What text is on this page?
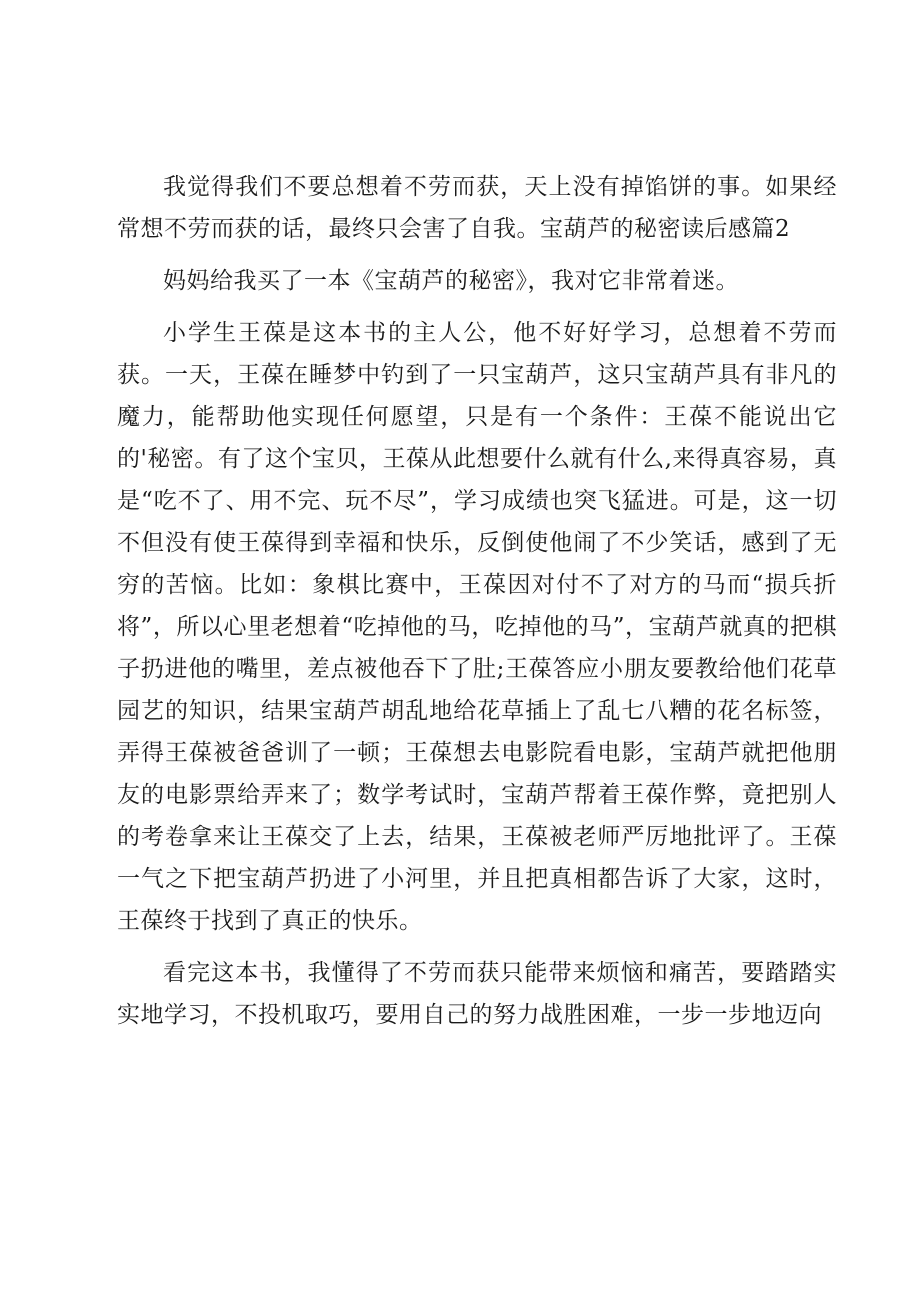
我觉得我们不要总想着不劳而获，天上没有掉馅饼的事。如果经常想不劳而获的话，最终只会害了自我。宝葫芦的秘密读后感篇2

妈妈给我买了一本《宝葫芦的秘密》，我对它非常着迷。

小学生王葆是这本书的主人公，他不好好学习，总想着不劳而获。一天，王葆在睡梦中钓到了一只宝葫芦，这只宝葫芦具有非凡的魔力，能帮助他实现任何愿望，只是有一个条件：王葆不能说出它的'秘密。有了这个宝贝，王葆从此想要什么就有什么,来得真容易，真是“吃不了、用不完、玩不尽”，学习成绩也突飞猛进。可是，这一切不但没有使王葆得到幸福和快乐，反倒使他闹了不少笑话，感到了无穷的苦恼。比如：象棋比赛中，王葆因对付不了对方的马而“损兵折将”，所以心里老想着“吃掉他的马，吃掉他的马”，宝葫芦就真的把棋子扔进他的嘴里，差点被他吞下了肚;王葆答应小朋友要教给他们花草园艺的知识，结果宝葫芦胡乱地给花草插上了乱七八糟的花名标签，弄得王葆被爸爸训了一顿；王葆想去电影院看电影，宝葫芦就把他朋友的电影票给弄来了；数学考试时，宝葫芦帮着王葆作弊，竟把别人的考卷拿来让王葆交了上去，结果，王葆被老师严厉地批评了。王葆一气之下把宝葫芦扔进了小河里，并且把真相都告诉了大家，这时，王葆终于找到了真正的快乐。

看完这本书，我懂得了不劳而获只能带来烦恼和痛苦，要踏踏实实地学习，不投机取巧，要用自己的努力战胜困难，一步一步地迈向
